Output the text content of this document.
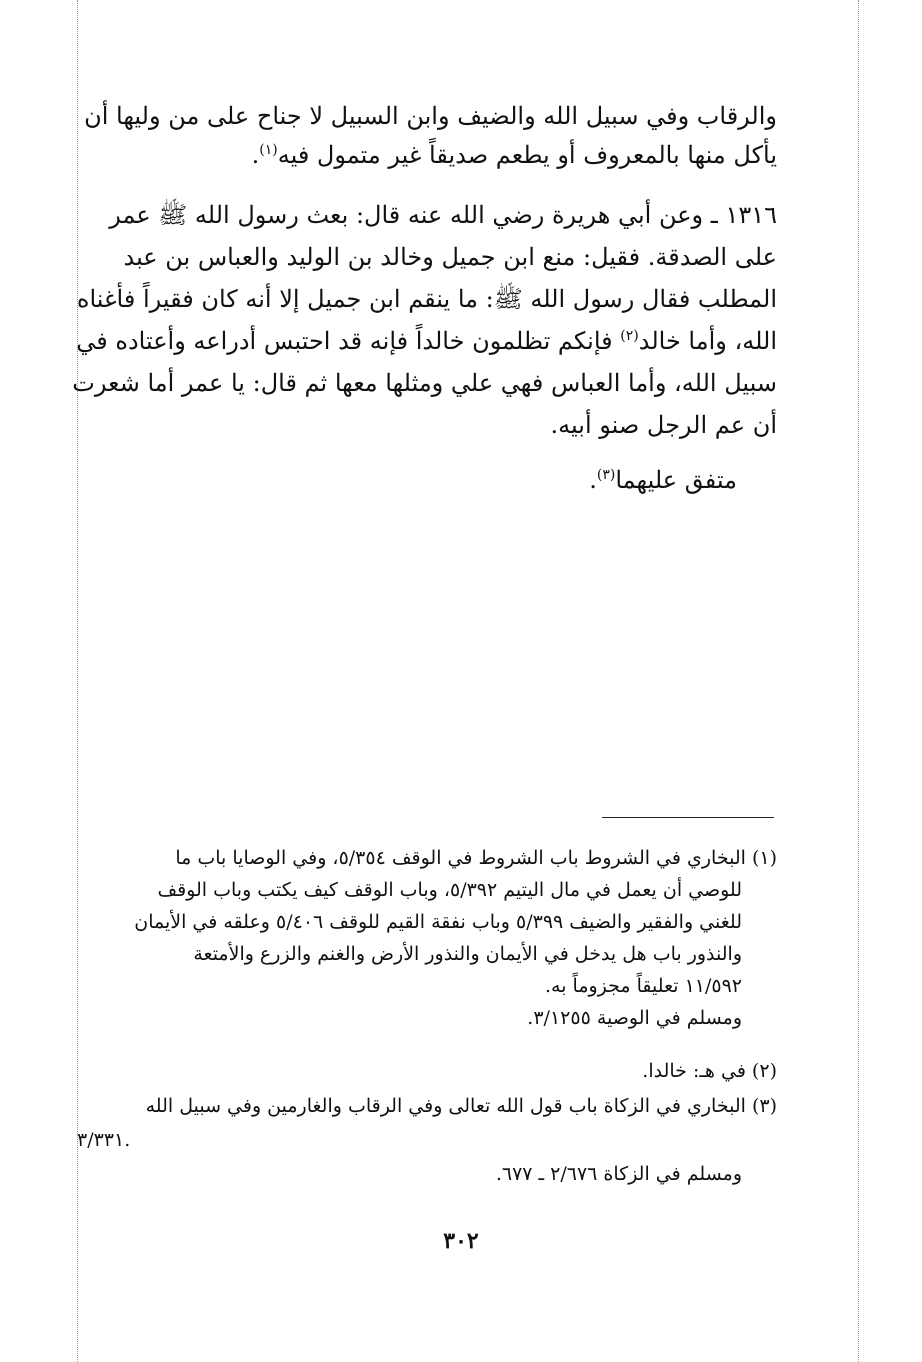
والرقاب وفي سبيل الله والضيف وابن السبيل لا جناح على من وليها أن
يأكل منها بالمعروف أو يطعم صديقاً غير متمول فيه$^{(١)}$.
١٣١٦ ـ وعن أبي هريرة رضي الله عنه قال: بعث رسول الله ﷺ عمر
على الصدقة. فقيل: منع ابن جميل وخالد بن الوليد والعباس بن عبد
المطلب فقال رسول الله ﷺ: ما ينقم ابن جميل إلا أنه كان فقيراً فأغناه
الله، وأما خالد$^{(٢)}$ فإنكم تظلمون خالداً فإنه قد احتبس أدراعه وأعتاده في
سبيل الله، وأما العباس فهي علي ومثلها معها ثم قال: يا عمر أما شعرت
أن عم الرجل صنو أبيه.
متفق عليهما$^{(٣)}$.
(١) البخاري في الشروط باب الشروط في الوقف ٥/٣٥٤، وفي الوصايا باب ما
للوصي أن يعمل في مال اليتيم ٥/٣٩٢، وباب الوقف كيف يكتب وباب الوقف
للغني والفقير والضيف ٥/٣٩٩ وباب نفقة القيم للوقف ٥/٤٠٦ وعلقه في الأيمان
والنذور باب هل يدخل في الأيمان والنذور الأرض والغنم والزرع والأمتعة
١١/٥٩٢ تعليقاً مجزوماً به.
ومسلم في الوصية ٣/١٢٥٥.
(٢) في هـ: خالدا.
(٣) البخاري في الزكاة باب قول الله تعالى وفي الرقاب والغارمين وفي سبيل الله
٣/٣٣١.
ومسلم في الزكاة ٢/٦٧٦ ـ ٦٧٧.
٣٠٢
